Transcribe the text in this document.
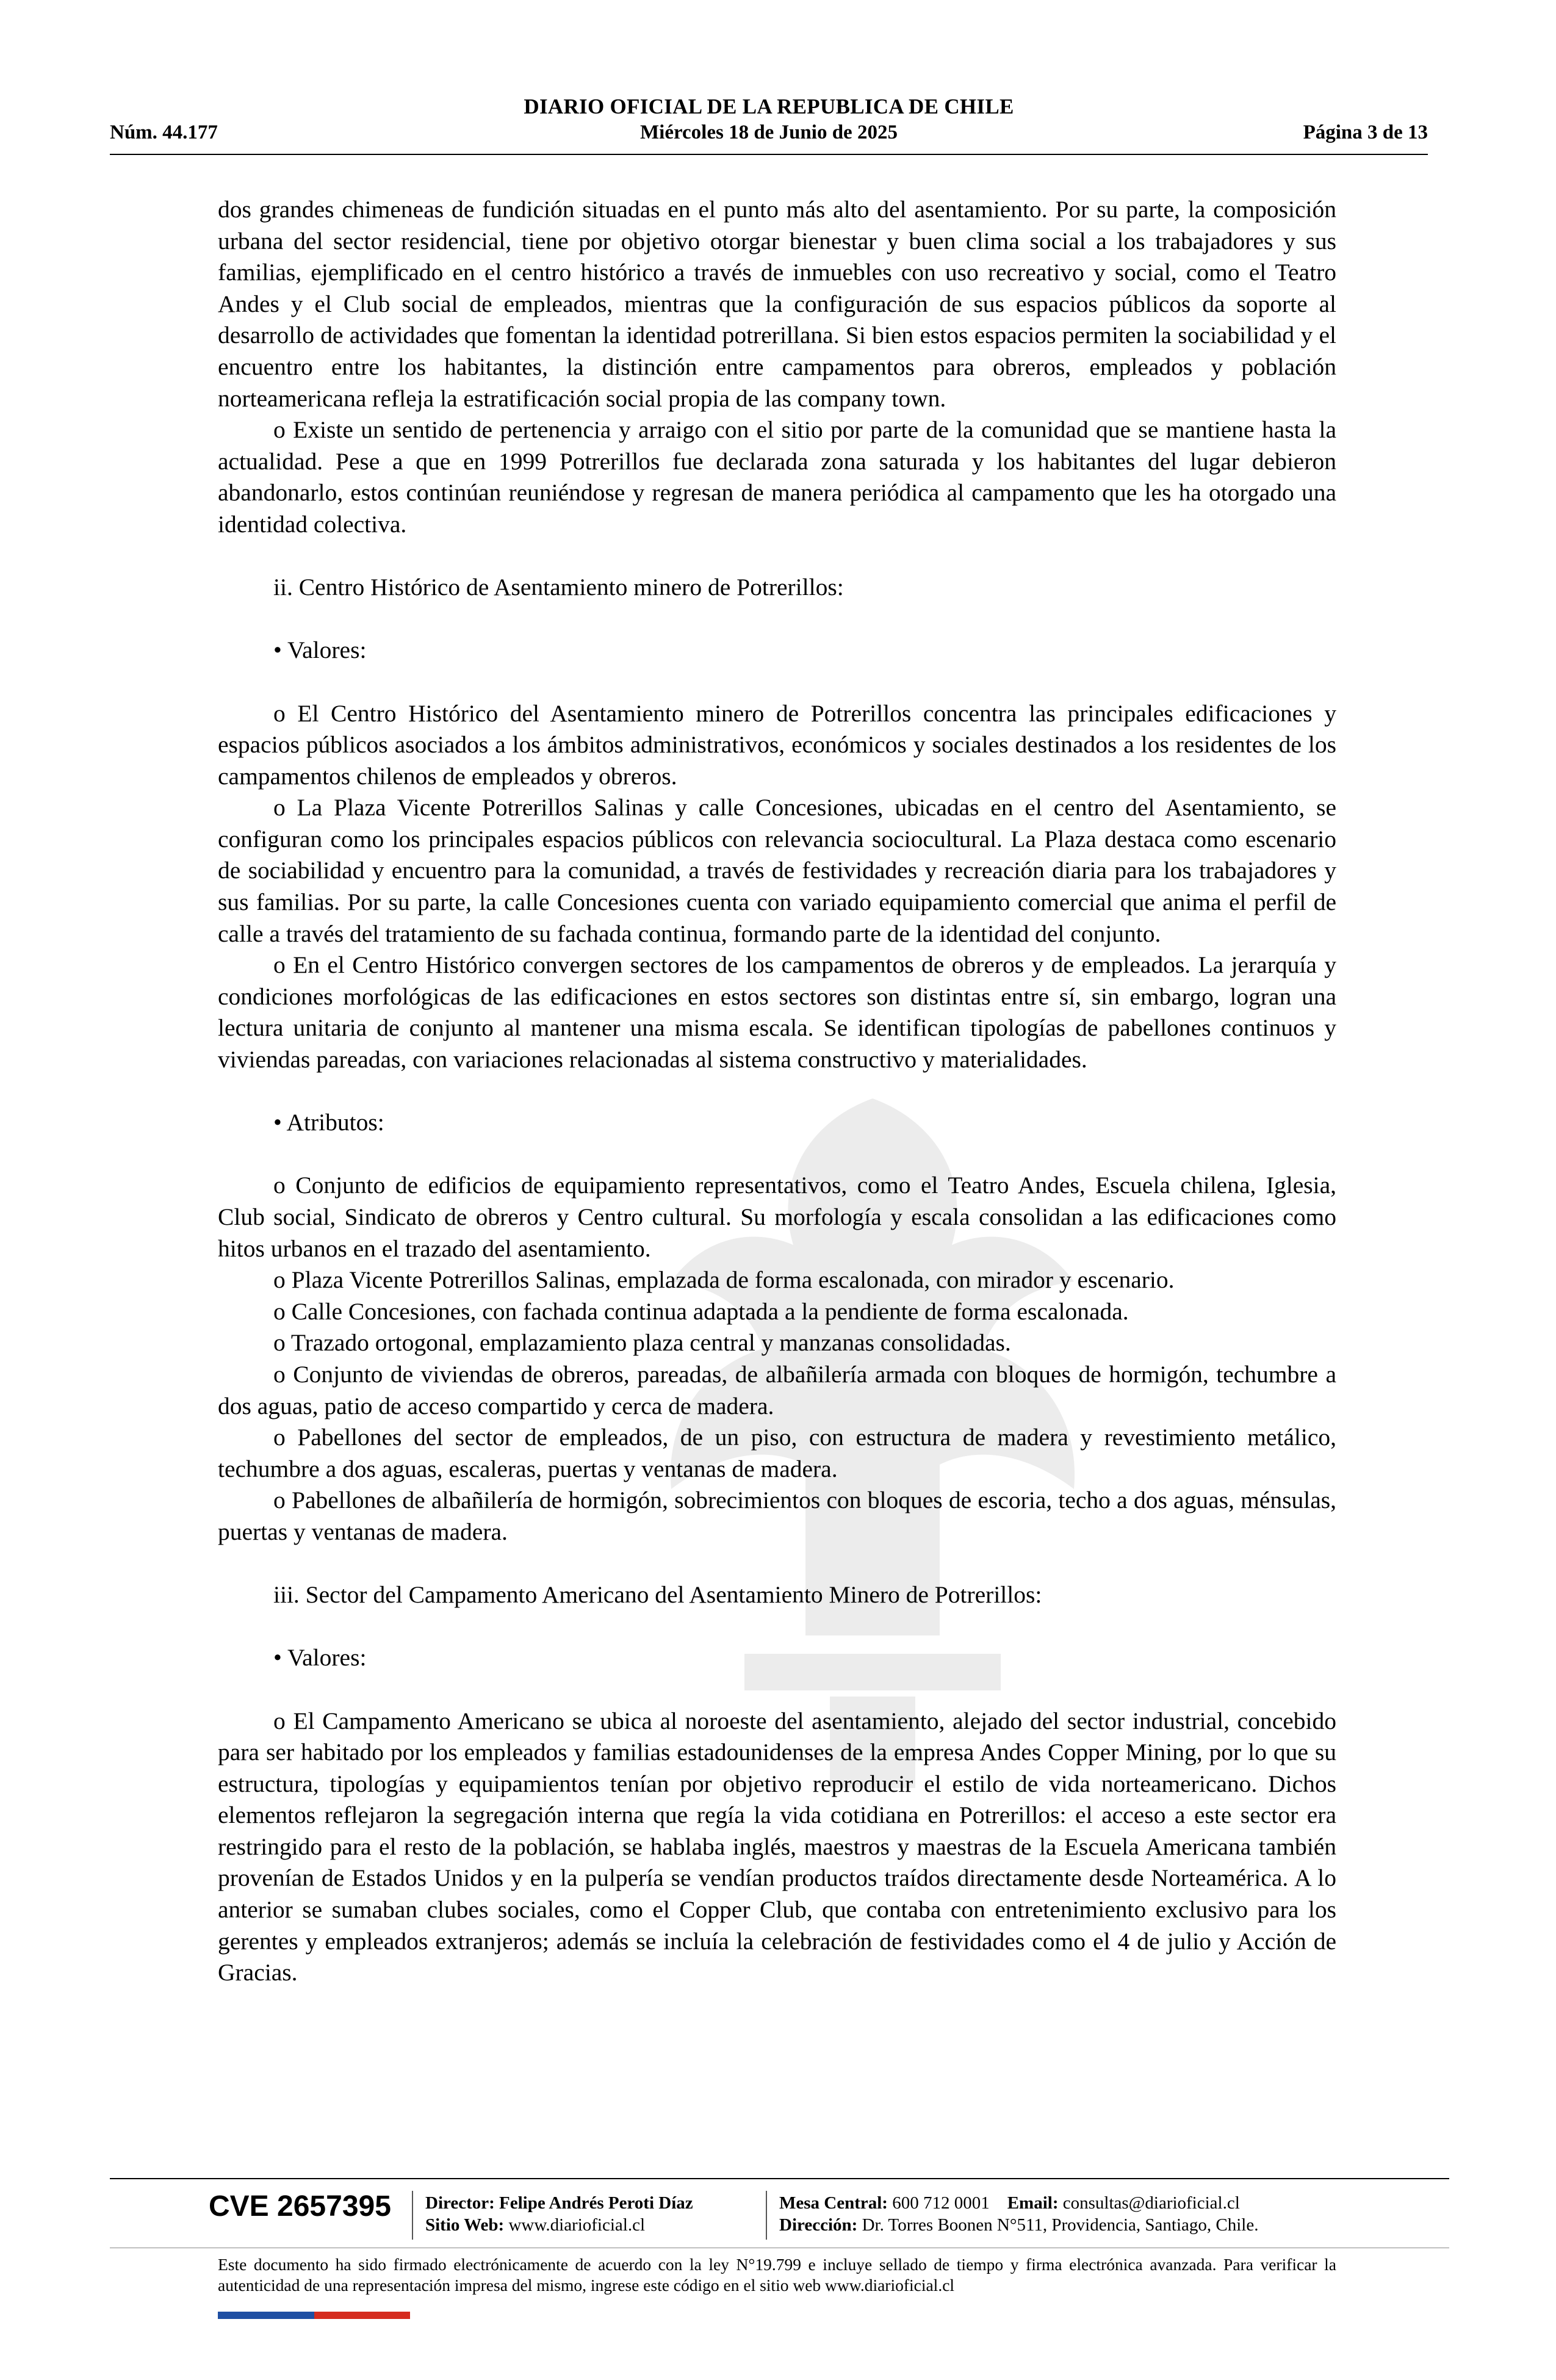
DIARIO OFICIAL DE LA REPUBLICA DE CHILE
Núm. 44.177	Miércoles 18 de Junio de 2025	Página 3 de 13

dos grandes chimeneas de fundición situadas en el punto más alto del asentamiento. Por su parte, la composición urbana del sector residencial, tiene por objetivo otorgar bienestar y buen clima social a los trabajadores y sus familias, ejemplificado en el centro histórico a través de inmuebles con uso recreativo y social, como el Teatro Andes y el Club social de empleados, mientras que la configuración de sus espacios públicos da soporte al desarrollo de actividades que fomentan la identidad potrerillana. Si bien estos espacios permiten la sociabilidad y el encuentro entre los habitantes, la distinción entre campamentos para obreros, empleados y población norteamericana refleja la estratificación social propia de las company town.

o Existe un sentido de pertenencia y arraigo con el sitio por parte de la comunidad que se mantiene hasta la actualidad. Pese a que en 1999 Potrerillos fue declarada zona saturada y los habitantes del lugar debieron abandonarlo, estos continúan reuniéndose y regresan de manera periódica al campamento que les ha otorgado una identidad colectiva.

ii. Centro Histórico de Asentamiento minero de Potrerillos:

• Valores:

o El Centro Histórico del Asentamiento minero de Potrerillos concentra las principales edificaciones y espacios públicos asociados a los ámbitos administrativos, económicos y sociales destinados a los residentes de los campamentos chilenos de empleados y obreros.

o La Plaza Vicente Potrerillos Salinas y calle Concesiones, ubicadas en el centro del Asentamiento, se configuran como los principales espacios públicos con relevancia sociocultural. La Plaza destaca como escenario de sociabilidad y encuentro para la comunidad, a través de festividades y recreación diaria para los trabajadores y sus familias. Por su parte, la calle Concesiones cuenta con variado equipamiento comercial que anima el perfil de calle a través del tratamiento de su fachada continua, formando parte de la identidad del conjunto.

o En el Centro Histórico convergen sectores de los campamentos de obreros y de empleados. La jerarquía y condiciones morfológicas de las edificaciones en estos sectores son distintas entre sí, sin embargo, logran una lectura unitaria de conjunto al mantener una misma escala. Se identifican tipologías de pabellones continuos y viviendas pareadas, con variaciones relacionadas al sistema constructivo y materialidades.

• Atributos:

o Conjunto de edificios de equipamiento representativos, como el Teatro Andes, Escuela chilena, Iglesia, Club social, Sindicato de obreros y Centro cultural. Su morfología y escala consolidan a las edificaciones como hitos urbanos en el trazado del asentamiento.

o Plaza Vicente Potrerillos Salinas, emplazada de forma escalonada, con mirador y escenario.

o Calle Concesiones, con fachada continua adaptada a la pendiente de forma escalonada.

o Trazado ortogonal, emplazamiento plaza central y manzanas consolidadas.

o Conjunto de viviendas de obreros, pareadas, de albañilería armada con bloques de hormigón, techumbre a dos aguas, patio de acceso compartido y cerca de madera.

o Pabellones del sector de empleados, de un piso, con estructura de madera y revestimiento metálico, techumbre a dos aguas, escaleras, puertas y ventanas de madera.

o Pabellones de albañilería de hormigón, sobrecimientos con bloques de escoria, techo a dos aguas, ménsulas, puertas y ventanas de madera.

iii. Sector del Campamento Americano del Asentamiento Minero de Potrerillos:

• Valores:

o El Campamento Americano se ubica al noroeste del asentamiento, alejado del sector industrial, concebido para ser habitado por los empleados y familias estadounidenses de la empresa Andes Copper Mining, por lo que su estructura, tipologías y equipamientos tenían por objetivo reproducir el estilo de vida norteamericano. Dichos elementos reflejaron la segregación interna que regía la vida cotidiana en Potrerillos: el acceso a este sector era restringido para el resto de la población, se hablaba inglés, maestros y maestras de la Escuela Americana también provenían de Estados Unidos y en la pulpería se vendían productos traídos directamente desde Norteamérica. A lo anterior se sumaban clubes sociales, como el Copper Club, que contaba con entretenimiento exclusivo para los gerentes y empleados extranjeros; además se incluía la celebración de festividades como el 4 de julio y Acción de Gracias.

CVE 2657395 Director: Felipe Andrés Peroti Díaz
Sitio Web: www.diarioficial.cl
Mesa Central: 600 712 0001 Email: consultas@diarioficial.cl
Dirección: Dr. Torres Boonen N°511, Providencia, Santiago, Chile.
Este documento ha sido firmado electrónicamente de acuerdo con la ley N°19.799 e incluye sellado de tiempo y firma electrónica avanzada. Para verificar la autenticidad de una representación impresa del mismo, ingrese este código en el sitio web www.diarioficial.cl
